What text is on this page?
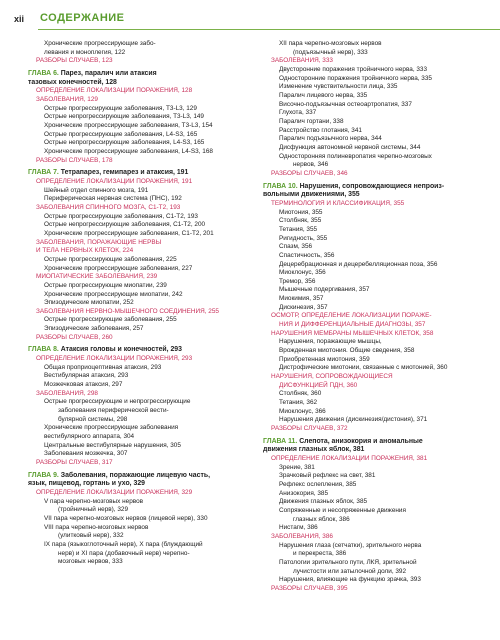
xii СОДЕРЖАНИЕ
Хронические прогрессирующие забо-
левания и моноплегия, 122
РАЗБОРЫ СЛУЧАЕВ, 123
ГЛАВА 6. Парез, паралич или атаксия
тазовых конечностей, 128
ОПРЕДЕЛЕНИЕ ЛОКАЛИЗАЦИИ ПОРАЖЕНИЯ, 128
ЗАБОЛЕВАНИЯ, 129
Острые прогрессирующие заболевания, Т3-L3, 129
Острые непрогрессирующие заболевания, Т3-L3, 149
Хронические прогрессирующие заболевания, Т3-L3, 154
Острые прогрессирующие заболевания, L4-S3, 165
Острые непрогрессирующие заболевания, L4-S3, 165
Хронические прогрессирующие заболевания, L4-S3, 168
РАЗБОРЫ СЛУЧАЕВ, 178
ГЛАВА 7. Тетрапарез, гемипарез и атаксия, 191
ОПРЕДЕЛЕНИЕ ЛОКАЛИЗАЦИИ ПОРАЖЕНИЯ, 191
Шейный отдел спинного мозга, 191
Периферическая нервная система (ПНС), 192
ЗАБОЛЕВАНИЯ СПИННОГО МОЗГА, С1-Т2, 193
Острые прогрессирующие заболевания, С1-Т2, 193
Острые непрогрессирующие заболевания, С1-Т2, 200
Хронические прогрессирующие заболевания, С1-Т2, 201
ЗАБОЛЕВАНИЯ, ПОРАЖАЮЩИЕ НЕРВЫ
И ТЕЛА НЕРВНЫХ КЛЕТОК, 224
Острые прогрессирующие заболевания, 225
Хронические прогрессирующие заболевания, 227
МИОПАТИЧЕСКИЕ ЗАБОЛЕВАНИЯ, 239
Острые прогрессирующие миопатии, 239
Хронические прогрессирующие миопатии, 242
Эпизодические миопатии, 252
ЗАБОЛЕВАНИЯ НЕРВНО-МЫШЕЧНОГО СОЕДИНЕНИЯ, 255
Острые прогрессирующие заболевания, 255
Эпизодические заболевания, 257
РАЗБОРЫ СЛУЧАЕВ, 260
ГЛАВА 8. Атаксия головы и конечностей, 293
ОПРЕДЕЛЕНИЕ ЛОКАЛИЗАЦИИ ПОРАЖЕНИЯ, 293
Общая проприоцептивная атаксия, 293
Вестибулярная атаксия, 293
Мозжечковая атаксия, 297
ЗАБОЛЕВАНИЯ, 298
Острые прогрессирующие и непрогрессирующие
заболевания периферической вести-
булярной системы, 298
Хронические прогрессирующие заболевания
вестибулярного аппарата, 304
Центральные вестибулярные нарушения, 305
Заболевания мозжечка, 307
РАЗБОРЫ СЛУЧАЕВ, 317
ГЛАВА 9. Заболевания, поражающие лицевую часть,
язык, пищевод, гортань и ухо, 329
ОПРЕДЕЛЕНИЕ ЛОКАЛИЗАЦИИ ПОРАЖЕНИЯ, 329
V пара черепно-мозговых нервов
(тройничный нерв), 329
VII пара черепно-мозговых нервов (лицевой нерв), 330
VIII пара черепно-мозговых нервов
(улитковый нерв), 332
IX пара (языкоглоточный нерв), X пара (блуждающий
нерв) и XI пара (добавочный нерв) черепно-
мозговых нервов, 333
XII пара черепно-мозговых нервов
(подъязычный нерв), 333
ЗАБОЛЕВАНИЯ, 333
Двусторонние поражения тройничного нерва, 333
Односторонние поражения тройничного нерва, 335
Изменение чувствительности лица, 335
Паралич лицевого нерва, 335
Височно-подъязычная остеоартропатия, 337
Глухота, 337
Паралич гортани, 338
Расстройство глотания, 341
Паралич подъязычного нерва, 344
Дисфункция автономной нервной системы, 344
Односторонняя полиневропатия черепно-мозговых
нервов, 346
РАЗБОРЫ СЛУЧАЕВ, 346
ГЛАВА 10. Нарушения, сопровождающиеся непроиз-
вольными движениями, 355
ТЕРМИНОЛОГИЯ И КЛАССИФИКАЦИЯ, 355
Миотония, 355
Столбняк, 355
Тетания, 355
Ригидность, 355
Спазм, 356
Спастичность, 356
Децеребрационная и децеребелляционная поза, 356
Миоклонус, 356
Тремор, 356
Мышечные подергивания, 357
Миокимия, 357
Дискинезия, 357
ОСМОТР, ОПРЕДЕЛЕНИЕ ЛОКАЛИЗАЦИИ ПОРАЖЕ-
НИЯ И ДИФФЕРЕНЦИАЛЬНЫЕ ДИАГНОЗЫ, 357
НАРУШЕНИЯ МЕМБРАНЫ МЫШЕЧНЫХ КЛЕТОК, 358
Нарушения, поражающие мышцы,
Врожденная миотония. Общие сведения, 358
Приобретенная миотония, 359
Дистрофические миотонии, связанные с миотонией, 360
НАРУШЕНИЯ, СОПРОВОЖДАЮЩИЕСЯ
ДИСФУНКЦИЕЙ ПДН, 360
Столбняк, 360
Тетания, 362
Миоклонус, 366
Нарушения движения (дискинезия/дистония), 371
РАЗБОРЫ СЛУЧАЕВ, 372
ГЛАВА 11. Слепота, анизокория и аномальные
движения глазных яблок, 381
ОПРЕДЕЛЕНИЕ ЛОКАЛИЗАЦИИ ПОРАЖЕНИЯ, 381
Зрение, 381
Зрачковый рефлекс на свет, 381
Рефлекс ослепления, 385
Анизокория, 385
Движения глазных яблок, 385
Сопряженные и несопряженные движения
глазных яблок, 386
Нистагм, 386
ЗАБОЛЕВАНИЯ, 386
Нарушения глаза (сетчатки), зрительного нерва
и перекреста, 386
Патологии зрительного пути, ЛКЯ, зрительной
лучистости или затылочной доли, 392
Нарушения, влияющие на функцию зрачка, 393
РАЗБОРЫ СЛУЧАЕВ, 395
